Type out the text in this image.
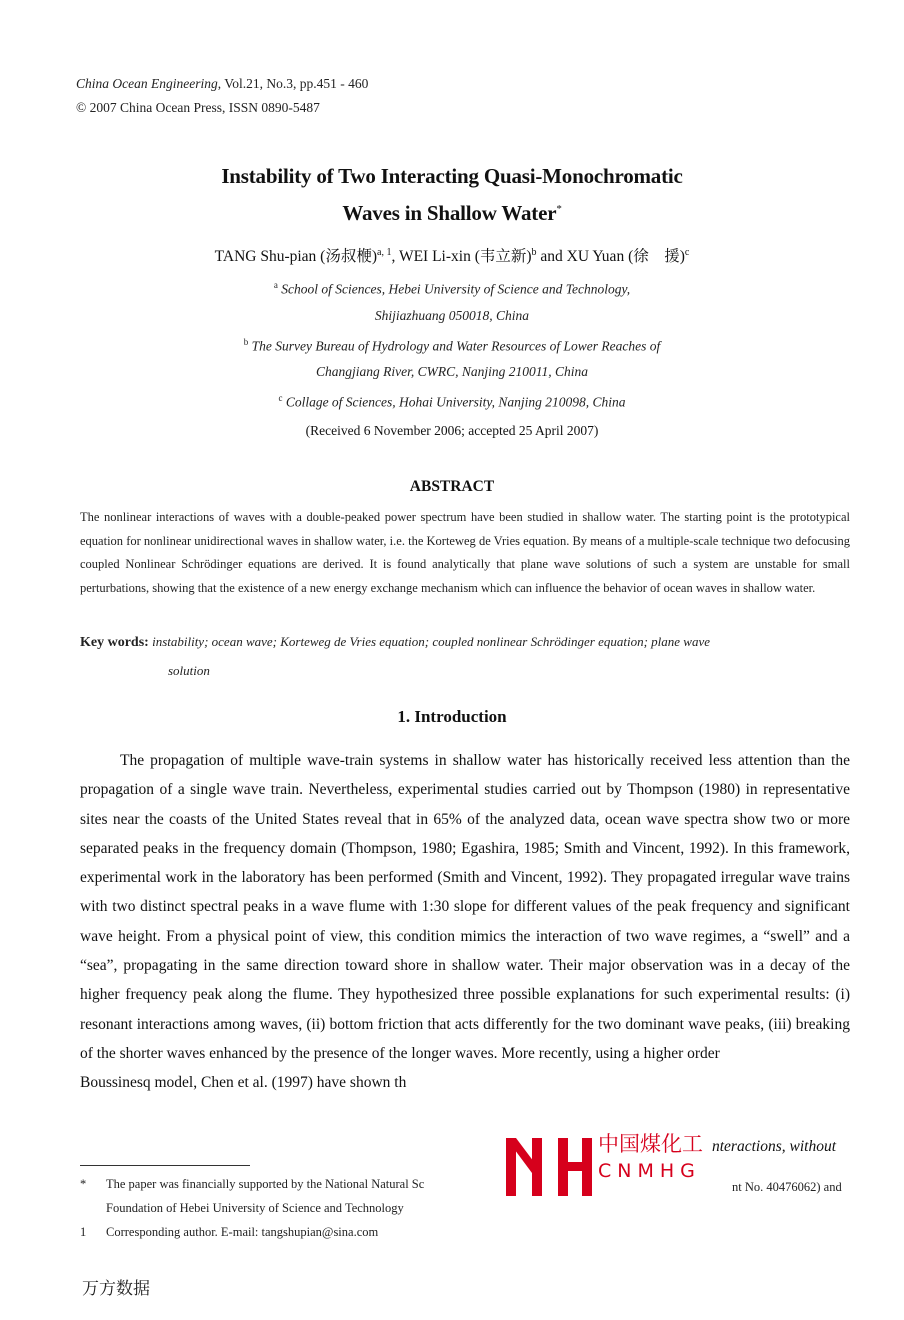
China Ocean Engineering, Vol.21, No.3, pp.451 - 460
© 2007 China Ocean Press, ISSN 0890-5487
Instability of Two Interacting Quasi-Monochromatic
Waves in Shallow Water*
TANG Shu-pian (汤叔楩)$^{a, 1}$, WEI Li-xin (韦立新)$^b$ and XU Yuan (徐　援)$^c$
$^a$ School of Sciences, Hebei University of Science and Technology,
Shijiazhuang 050018, China
$^b$ The Survey Bureau of Hydrology and Water Resources of Lower Reaches of
Changjiang River, CWRC, Nanjing 210011, China
$^c$ Collage of Sciences, Hohai University, Nanjing 210098, China
(Received 6 November 2006; accepted 25 April 2007)
ABSTRACT
The nonlinear interactions of waves with a double-peaked power spectrum have been studied in shallow water. The starting point is the prototypical equation for nonlinear unidirectional waves in shallow water, i.e. the Korteweg de Vries equation. By means of a multiple-scale technique two defocusing coupled Nonlinear Schrödinger equations are derived. It is found analytically that plane wave solutions of such a system are unstable for small perturbations, showing that the existence of a new energy exchange mechanism which can influence the behavior of ocean waves in shallow water.
Key words: instability; ocean wave; Korteweg de Vries equation; coupled nonlinear Schrödinger equation; plane wave
solution
1. Introduction
The propagation of multiple wave-train systems in shallow water has historically received less attention than the propagation of a single wave train. Nevertheless, experimental studies carried out by Thompson (1980) in representative sites near the coasts of the United States reveal that in 65% of the analyzed data, ocean wave spectra show two or more separated peaks in the frequency domain (Thompson, 1980; Egashira, 1985; Smith and Vincent, 1992). In this framework, experimental work in the laboratory has been performed (Smith and Vincent, 1992). They propagated irregular wave trains with two distinct spectral peaks in a wave flume with 1:30 slope for different values of the peak frequency and significant wave height. From a physical point of view, this condition mimics the interaction of two wave regimes, a “swell” and a “sea”, propagating in the same direction toward shore in shallow water. Their major observation was in a decay of the higher frequency peak along the flume. They hypothesized three possible explanations for such experimental results: (i) resonant interactions among waves, (ii) bottom friction that acts differently for the two dominant wave peaks, (iii) breaking of the shorter waves enhanced by the presence of the longer waves. More recently, using a higher order
Boussinesq model, Chen et al. (1997) have shown th
* The paper was financially supported by the National Natural Sc
Foundation of Hebei University of Science and Technology
1 Corresponding author. E-mail: tangshupian@sina.com
中国煤化工 nteractions, without
CNMHG
nt No. 40476062) and
万方数据
